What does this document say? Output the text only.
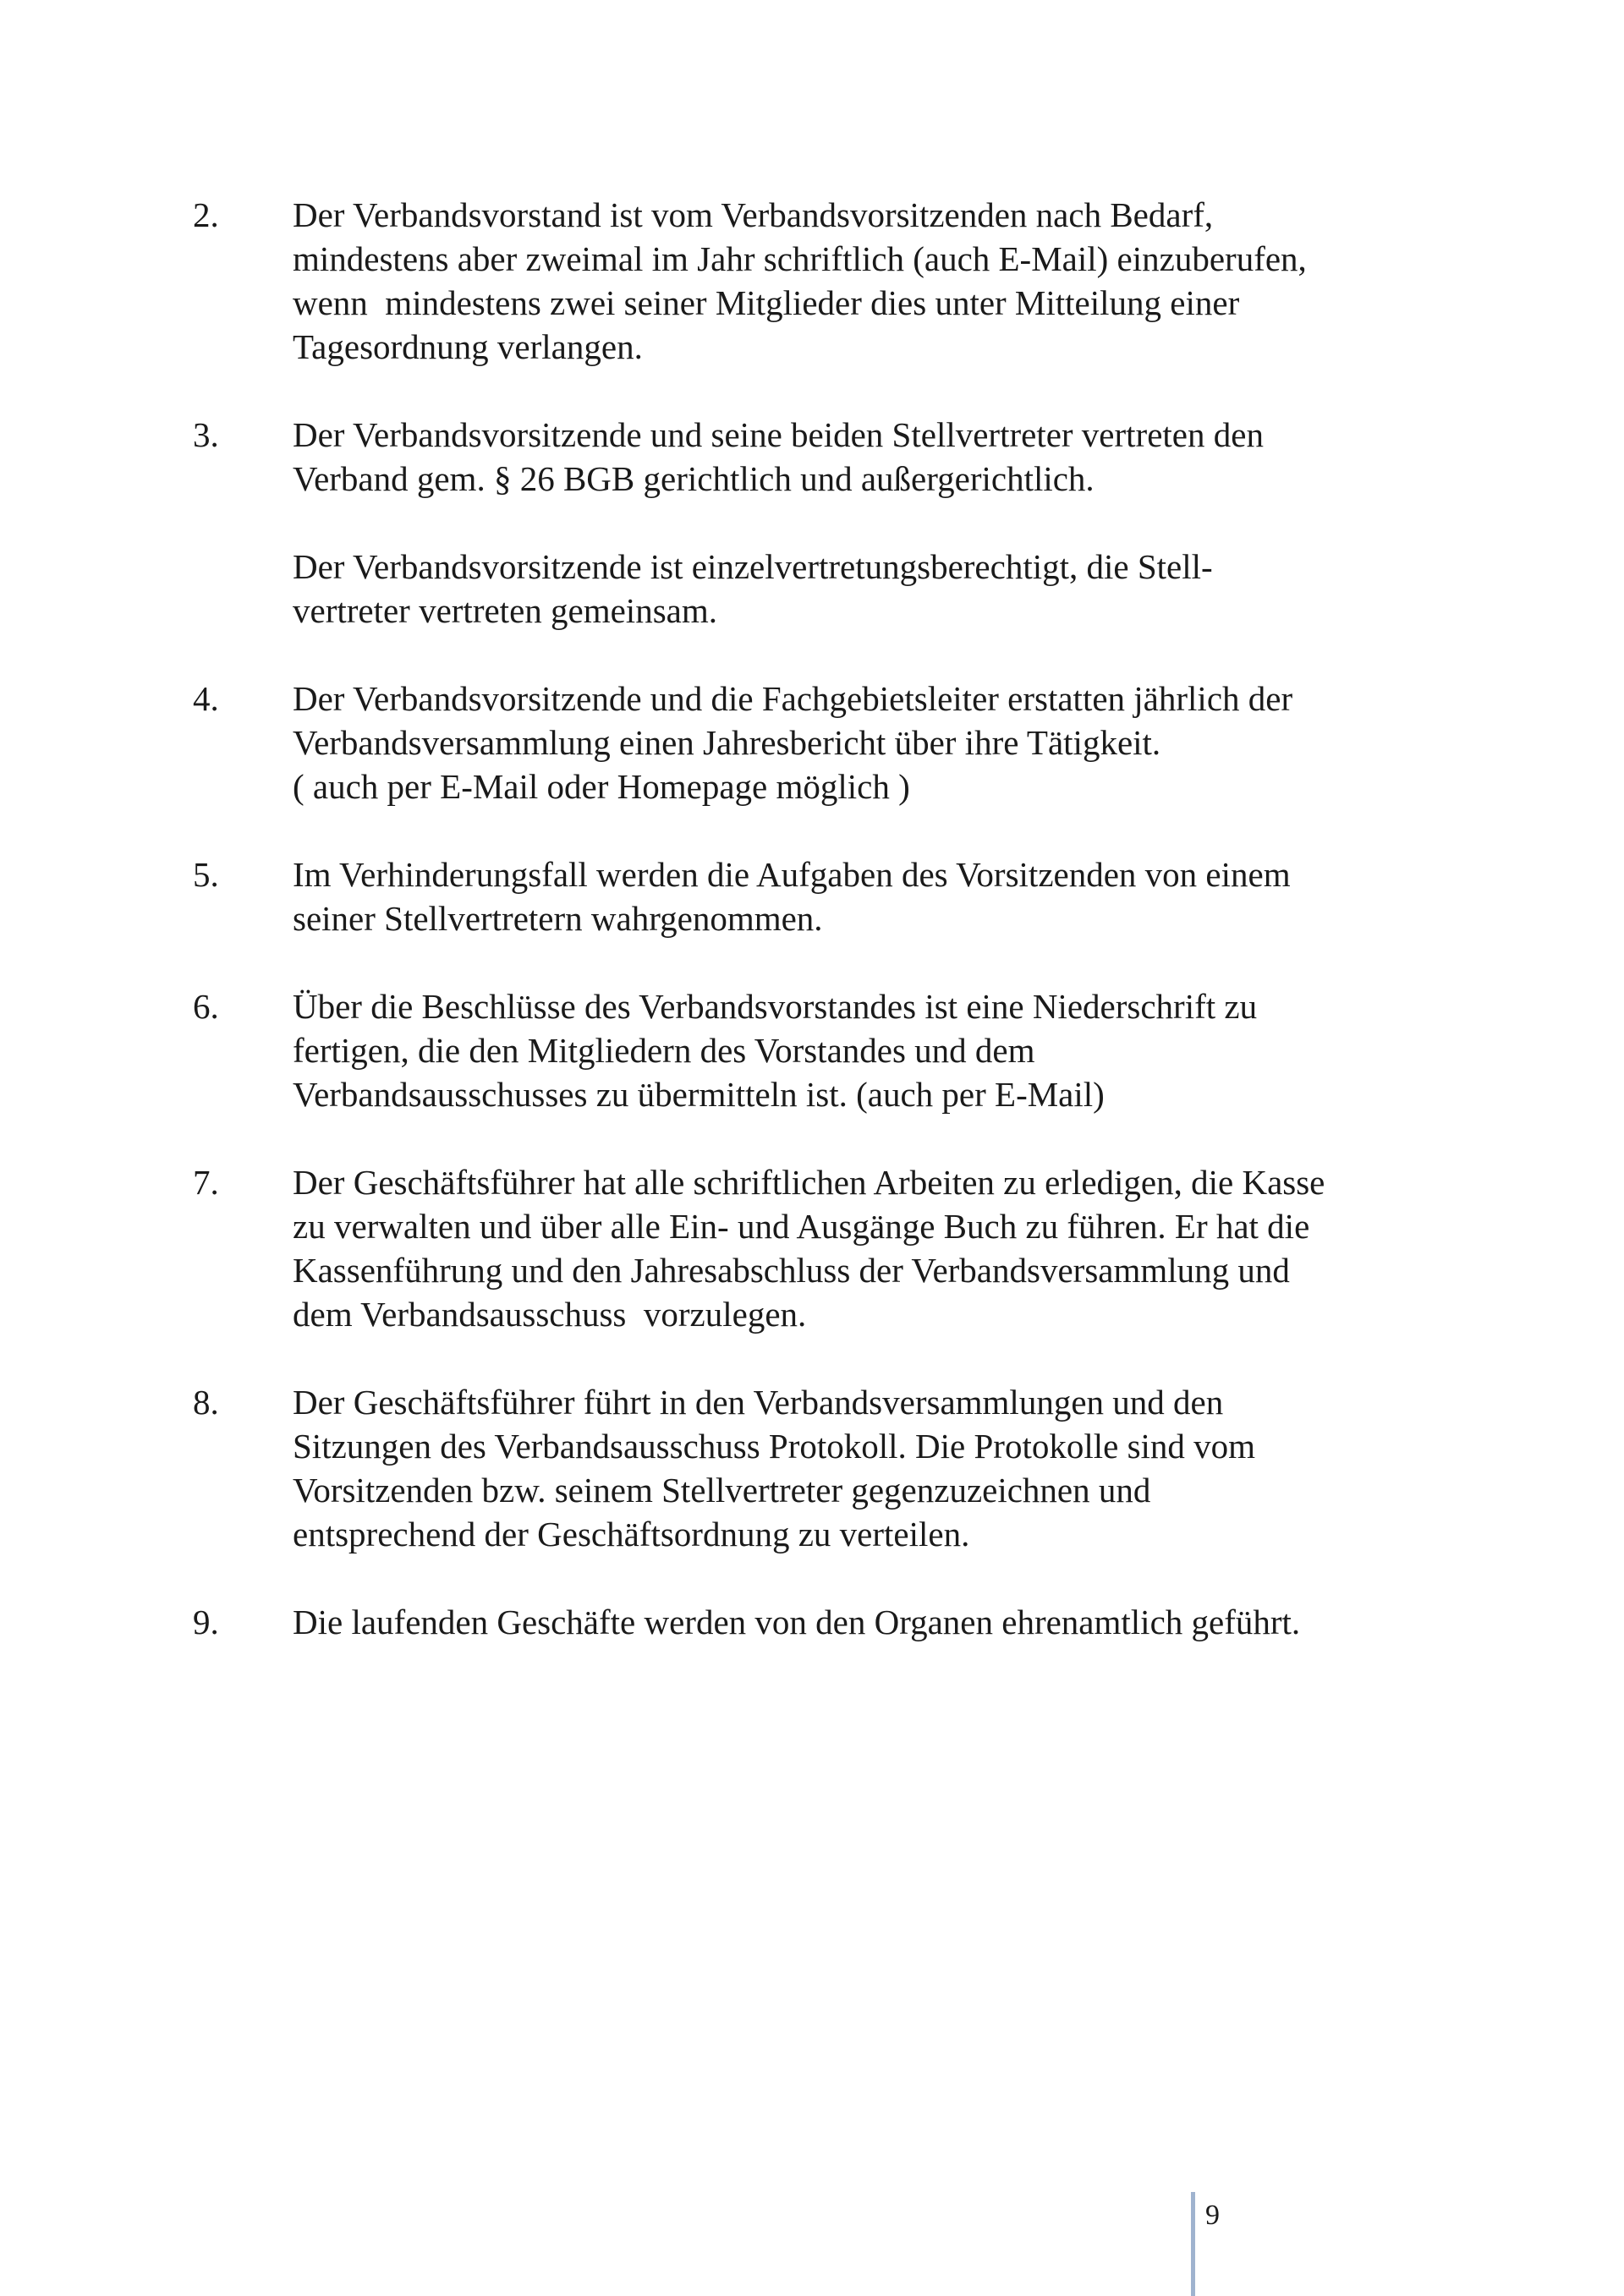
2.	Der Verbandsvorstand ist vom Verbandsvorsitzenden nach Bedarf,
mindestens aber zweimal im Jahr schriftlich (auch E-Mail) einzuberufen,
wenn  mindestens zwei seiner Mitglieder dies unter Mitteilung einer
Tagesordnung verlangen.
3.	Der Verbandsvorsitzende und seine beiden Stellvertreter vertreten den
Verband gem. § 26 BGB gerichtlich und außergerichtlich.
Der Verbandsvorsitzende ist einzelvertretungsberechtigt, die Stell-
vertreter vertreten gemeinsam.
4.	Der Verbandsvorsitzende und die Fachgebietsleiter erstatten jährlich der
Verbandsversammlung einen Jahresbericht über ihre Tätigkeit.
( auch per E-Mail oder Homepage möglich )
5.	Im Verhinderungsfall werden die Aufgaben des Vorsitzenden von einem
seiner Stellvertretern wahrgenommen.
6.	Über die Beschlüsse des Verbandsvorstandes ist eine Niederschrift zu
fertigen, die den Mitgliedern des Vorstandes und dem
Verbandsausschusses zu übermitteln ist. (auch per E-Mail)
7.	Der Geschäftsführer hat alle schriftlichen Arbeiten zu erledigen, die Kasse
zu verwalten und über alle Ein- und Ausgänge Buch zu führen. Er hat die
Kassenführung und den Jahresabschluss der Verbandsversammlung und
dem Verbandsausschuss  vorzulegen.
8.	Der Geschäftsführer führt in den Verbandsversammlungen und den
Sitzungen des Verbandsausschuss Protokoll. Die Protokolle sind vom
Vorsitzenden bzw. seinem Stellvertreter gegenzuzeichnen und
entsprechend der Geschäftsordnung zu verteilen.
9.	Die laufenden Geschäfte werden von den Organen ehrenamtlich geführt.
9
